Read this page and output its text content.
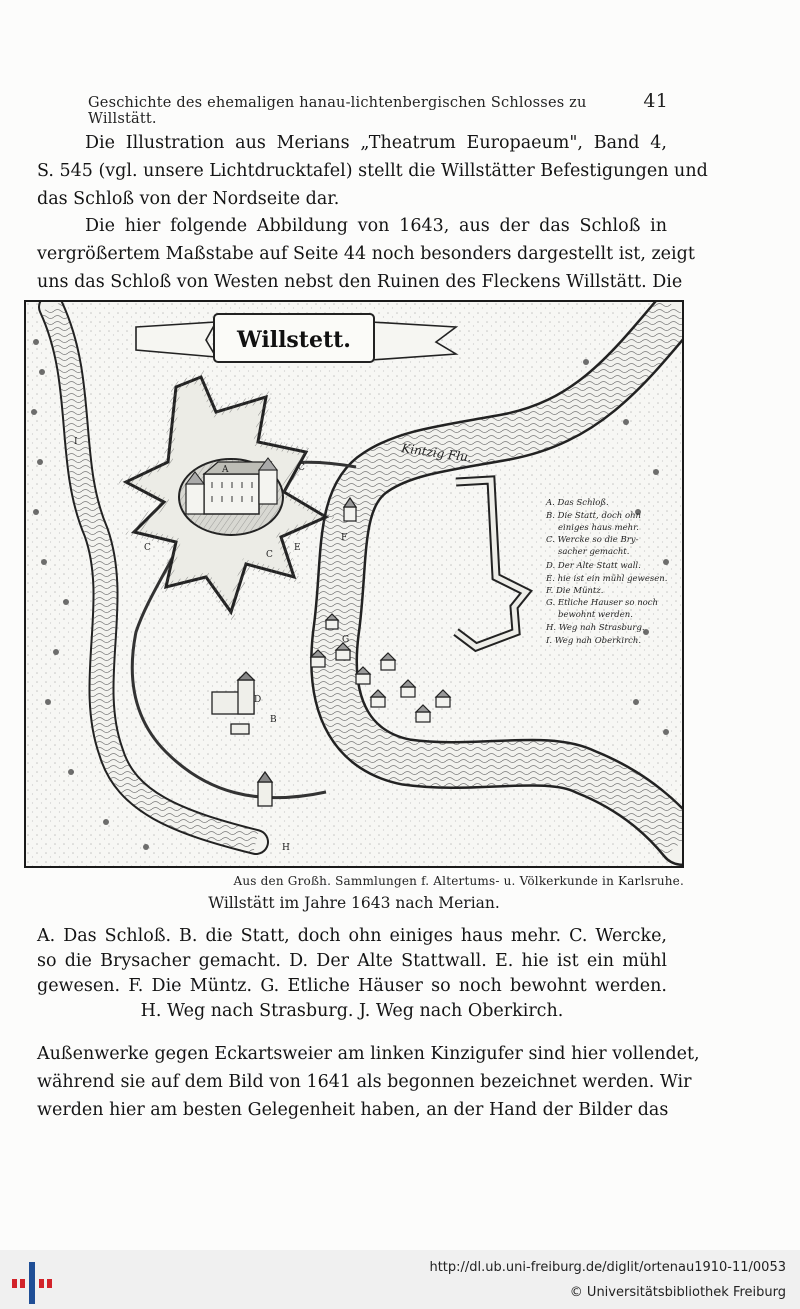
Geschichte des ehemaligen hanau-lichtenbergischen Schlosses zu Willstätt.
41

Die Illustration aus Merians „Theatrum Europaeum", Band 4,
S. 545 (vgl. unsere Lichtdrucktafel) stellt die Willstätter Befestigungen und
das Schloß von der Nordseite dar.

Die hier folgende Abbildung von 1643, aus der das Schloß in
vergrößertem Maßstabe auf Seite 44 noch besonders dargestellt ist, zeigt
uns das Schloß von Westen nebst den Ruinen des Fleckens Willstätt. Die

Willstett.
Kintzig Flu.
A
B
C
C
C
D
E
F
G
H
I
A. Das Schloß.
B. Die Statt, doch ohn
einiges haus mehr.
C. Wercke so die Bry-
sacher gemacht.
D. Der Alte Statt wall.
E. hie ist ein mühl gewesen.
F. Die Müntz.
G. Etliche Hauser so noch
bewohnt werden.
H. Weg nah Strasburg.
I. Weg nah Oberkirch.
Aus den Großh. Sammlungen f. Altertums- u. Völkerkunde in Karlsruhe.
Willstätt im Jahre 1643 nach Merian.

A. Das Schloß. B. die Statt, doch ohn einiges haus mehr. C. Wercke,
so die Brysacher gemacht. D. Der Alte Stattwall. E. hie ist ein mühl
gewesen. F. Die Müntz. G. Etliche Häuser so noch bewohnt werden.
H. Weg nach Strasburg. J. Weg nach Oberkirch.

Außenwerke gegen Eckartsweier am linken Kinzigufer sind hier vollendet,
während sie auf dem Bild von 1641 als begonnen bezeichnet werden. Wir
werden hier am besten Gelegenheit haben, an der Hand der Bilder das

http://dl.ub.uni-freiburg.de/diglit/ortenau1910-11/0053
© Universitätsbibliothek Freiburg
